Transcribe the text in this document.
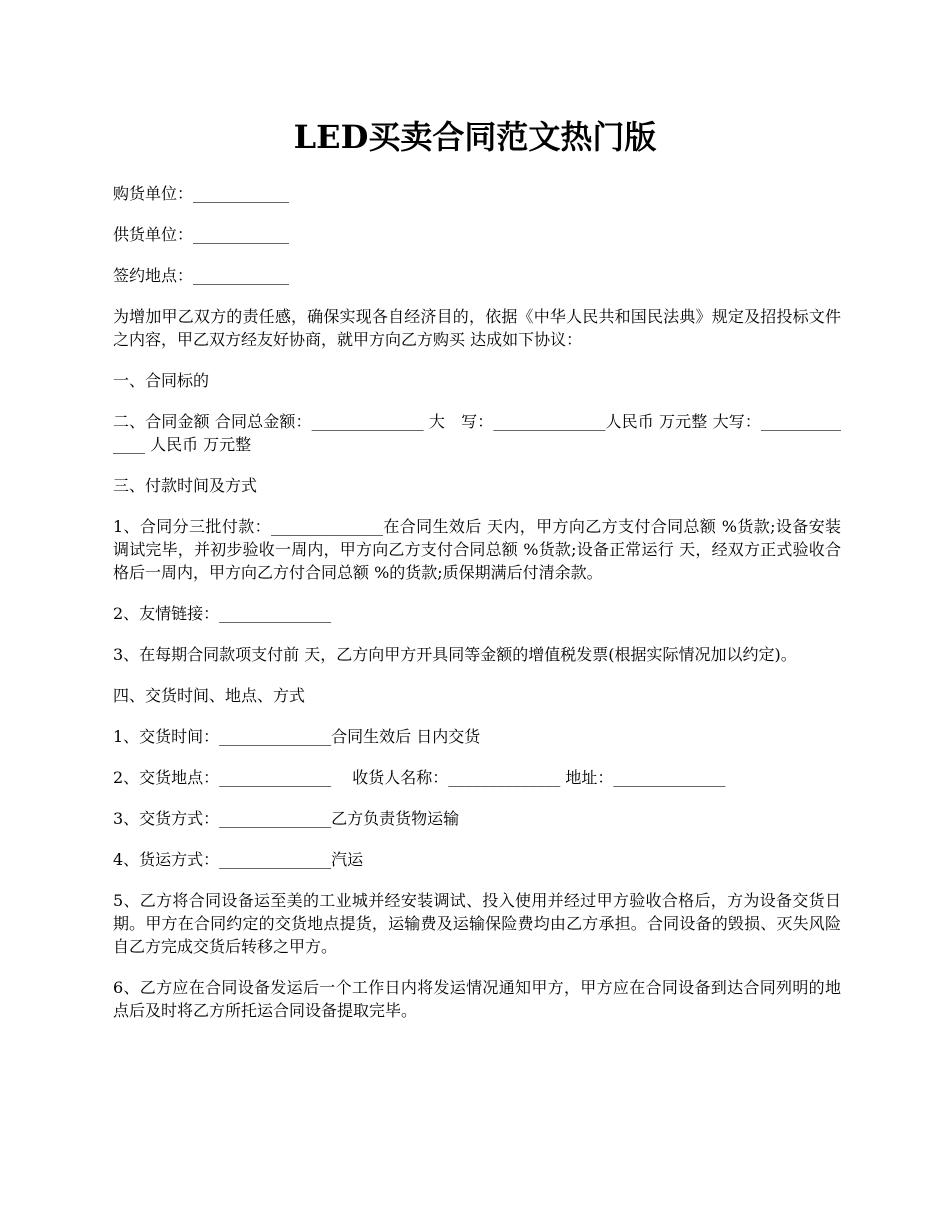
LED买卖合同范文热门版

购货单位：____________

供货单位：____________

签约地点：____________

为增加甲乙双方的责任感，确保实现各自经济目的，依据《中华人民共和国民法典》规定及招投标文件之内容，甲乙双方经友好协商，就甲方向乙方购买 达成如下协议：

一、合同标的

二、合同金额 合同总金额：______________ 大　写：______________人民币 万元整 大写：______________ 人民币 万元整

三、付款时间及方式

1、合同分三批付款：______________在合同生效后 天内，甲方向乙方支付合同总额 %货款;设备安装调试完毕，并初步验收一周内，甲方向乙方支付合同总额 %货款;设备正常运行 天，经双方正式验收合格后一周内，甲方向乙方付合同总额 %的货款;质保期满后付清余款。

2、友情链接：______________

3、在每期合同款项支付前 天，乙方向甲方开具同等金额的增值税发票(根据实际情况加以约定)。

四、交货时间、地点、方式

1、交货时间：______________合同生效后 日内交货

2、交货地点：______________　 收货人名称：______________ 地址：______________

3、交货方式：______________乙方负责货物运输

4、货运方式：______________汽运

5、乙方将合同设备运至美的工业城并经安装调试、投入使用并经过甲方验收合格后，方为设备交货日期。甲方在合同约定的交货地点提货，运输费及运输保险费均由乙方承担。合同设备的毁损、灭失风险自乙方完成交货后转移之甲方。

6、乙方应在合同设备发运后一个工作日内将发运情况通知甲方，甲方应在合同设备到达合同列明的地点后及时将乙方所托运合同设备提取完毕。
